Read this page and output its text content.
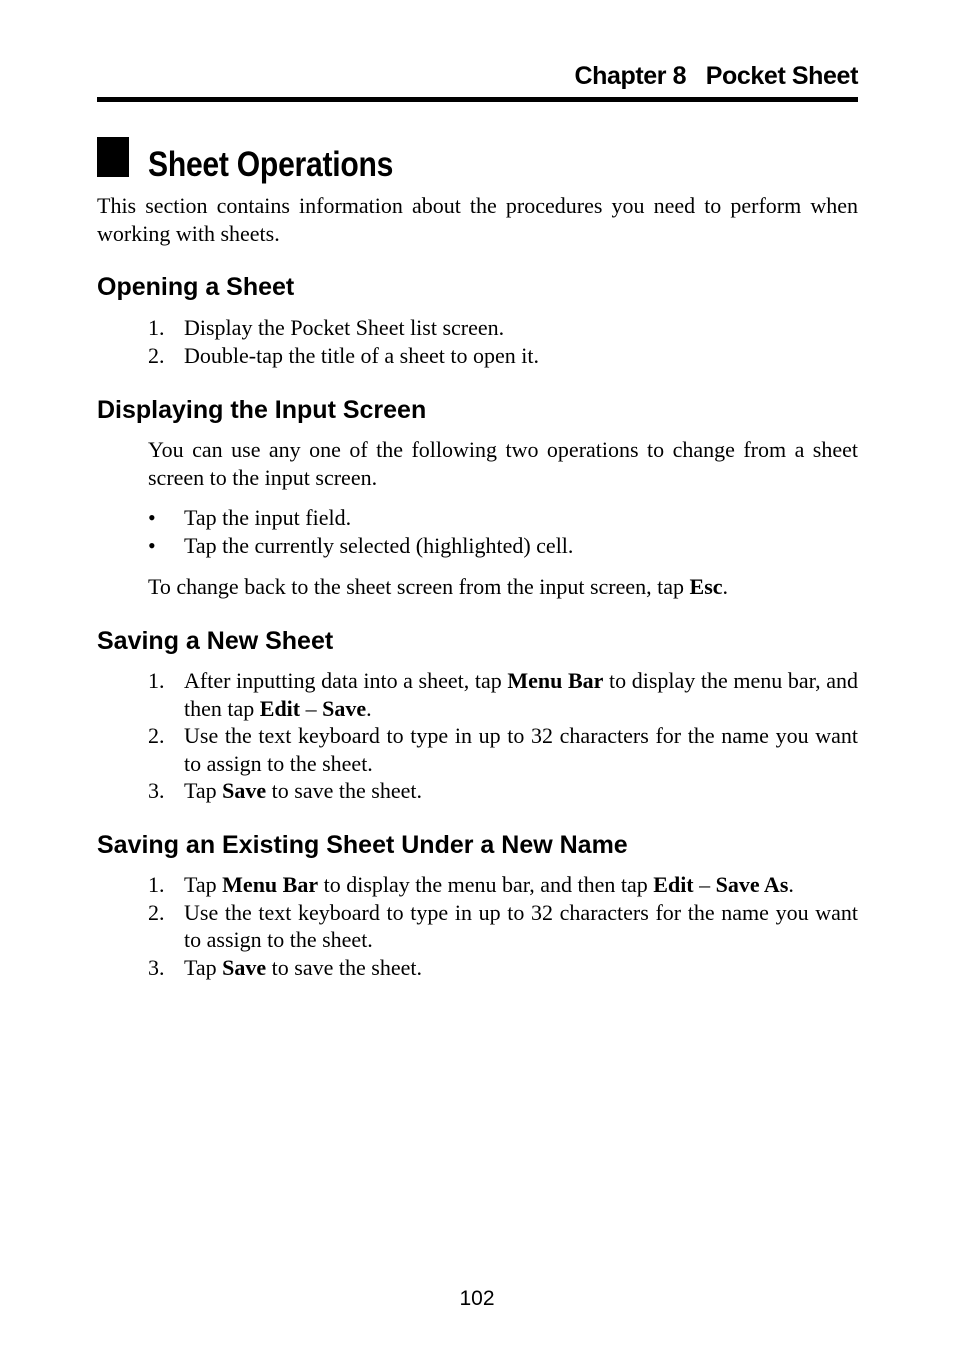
Chapter 8   Pocket Sheet

Sheet Operations

This section contains information about the procedures you need to perform when working with sheets.

Opening a Sheet
1. Display the Pocket Sheet list screen.
2. Double-tap the title of a sheet to open it.
Displaying the Input Screen

You can use any one of the following two operations to change from a sheet screen to the input screen.

• Tap the input field.
• Tap the currently selected (highlighted) cell.

To change back to the sheet screen from the input screen, tap Esc.

Saving a New Sheet
1. After inputting data into a sheet, tap Menu Bar to display the menu bar, and then tap Edit – Save.
2. Use the text keyboard to type in up to 32 characters for the name you want to assign to the sheet.
3. Tap Save to save the sheet.
Saving an Existing Sheet Under a New Name
1. Tap Menu Bar to display the menu bar, and then tap Edit – Save As.
2. Use the text keyboard to type in up to 32 characters for the name you want to assign to the sheet.
3. Tap Save to save the sheet.

102
